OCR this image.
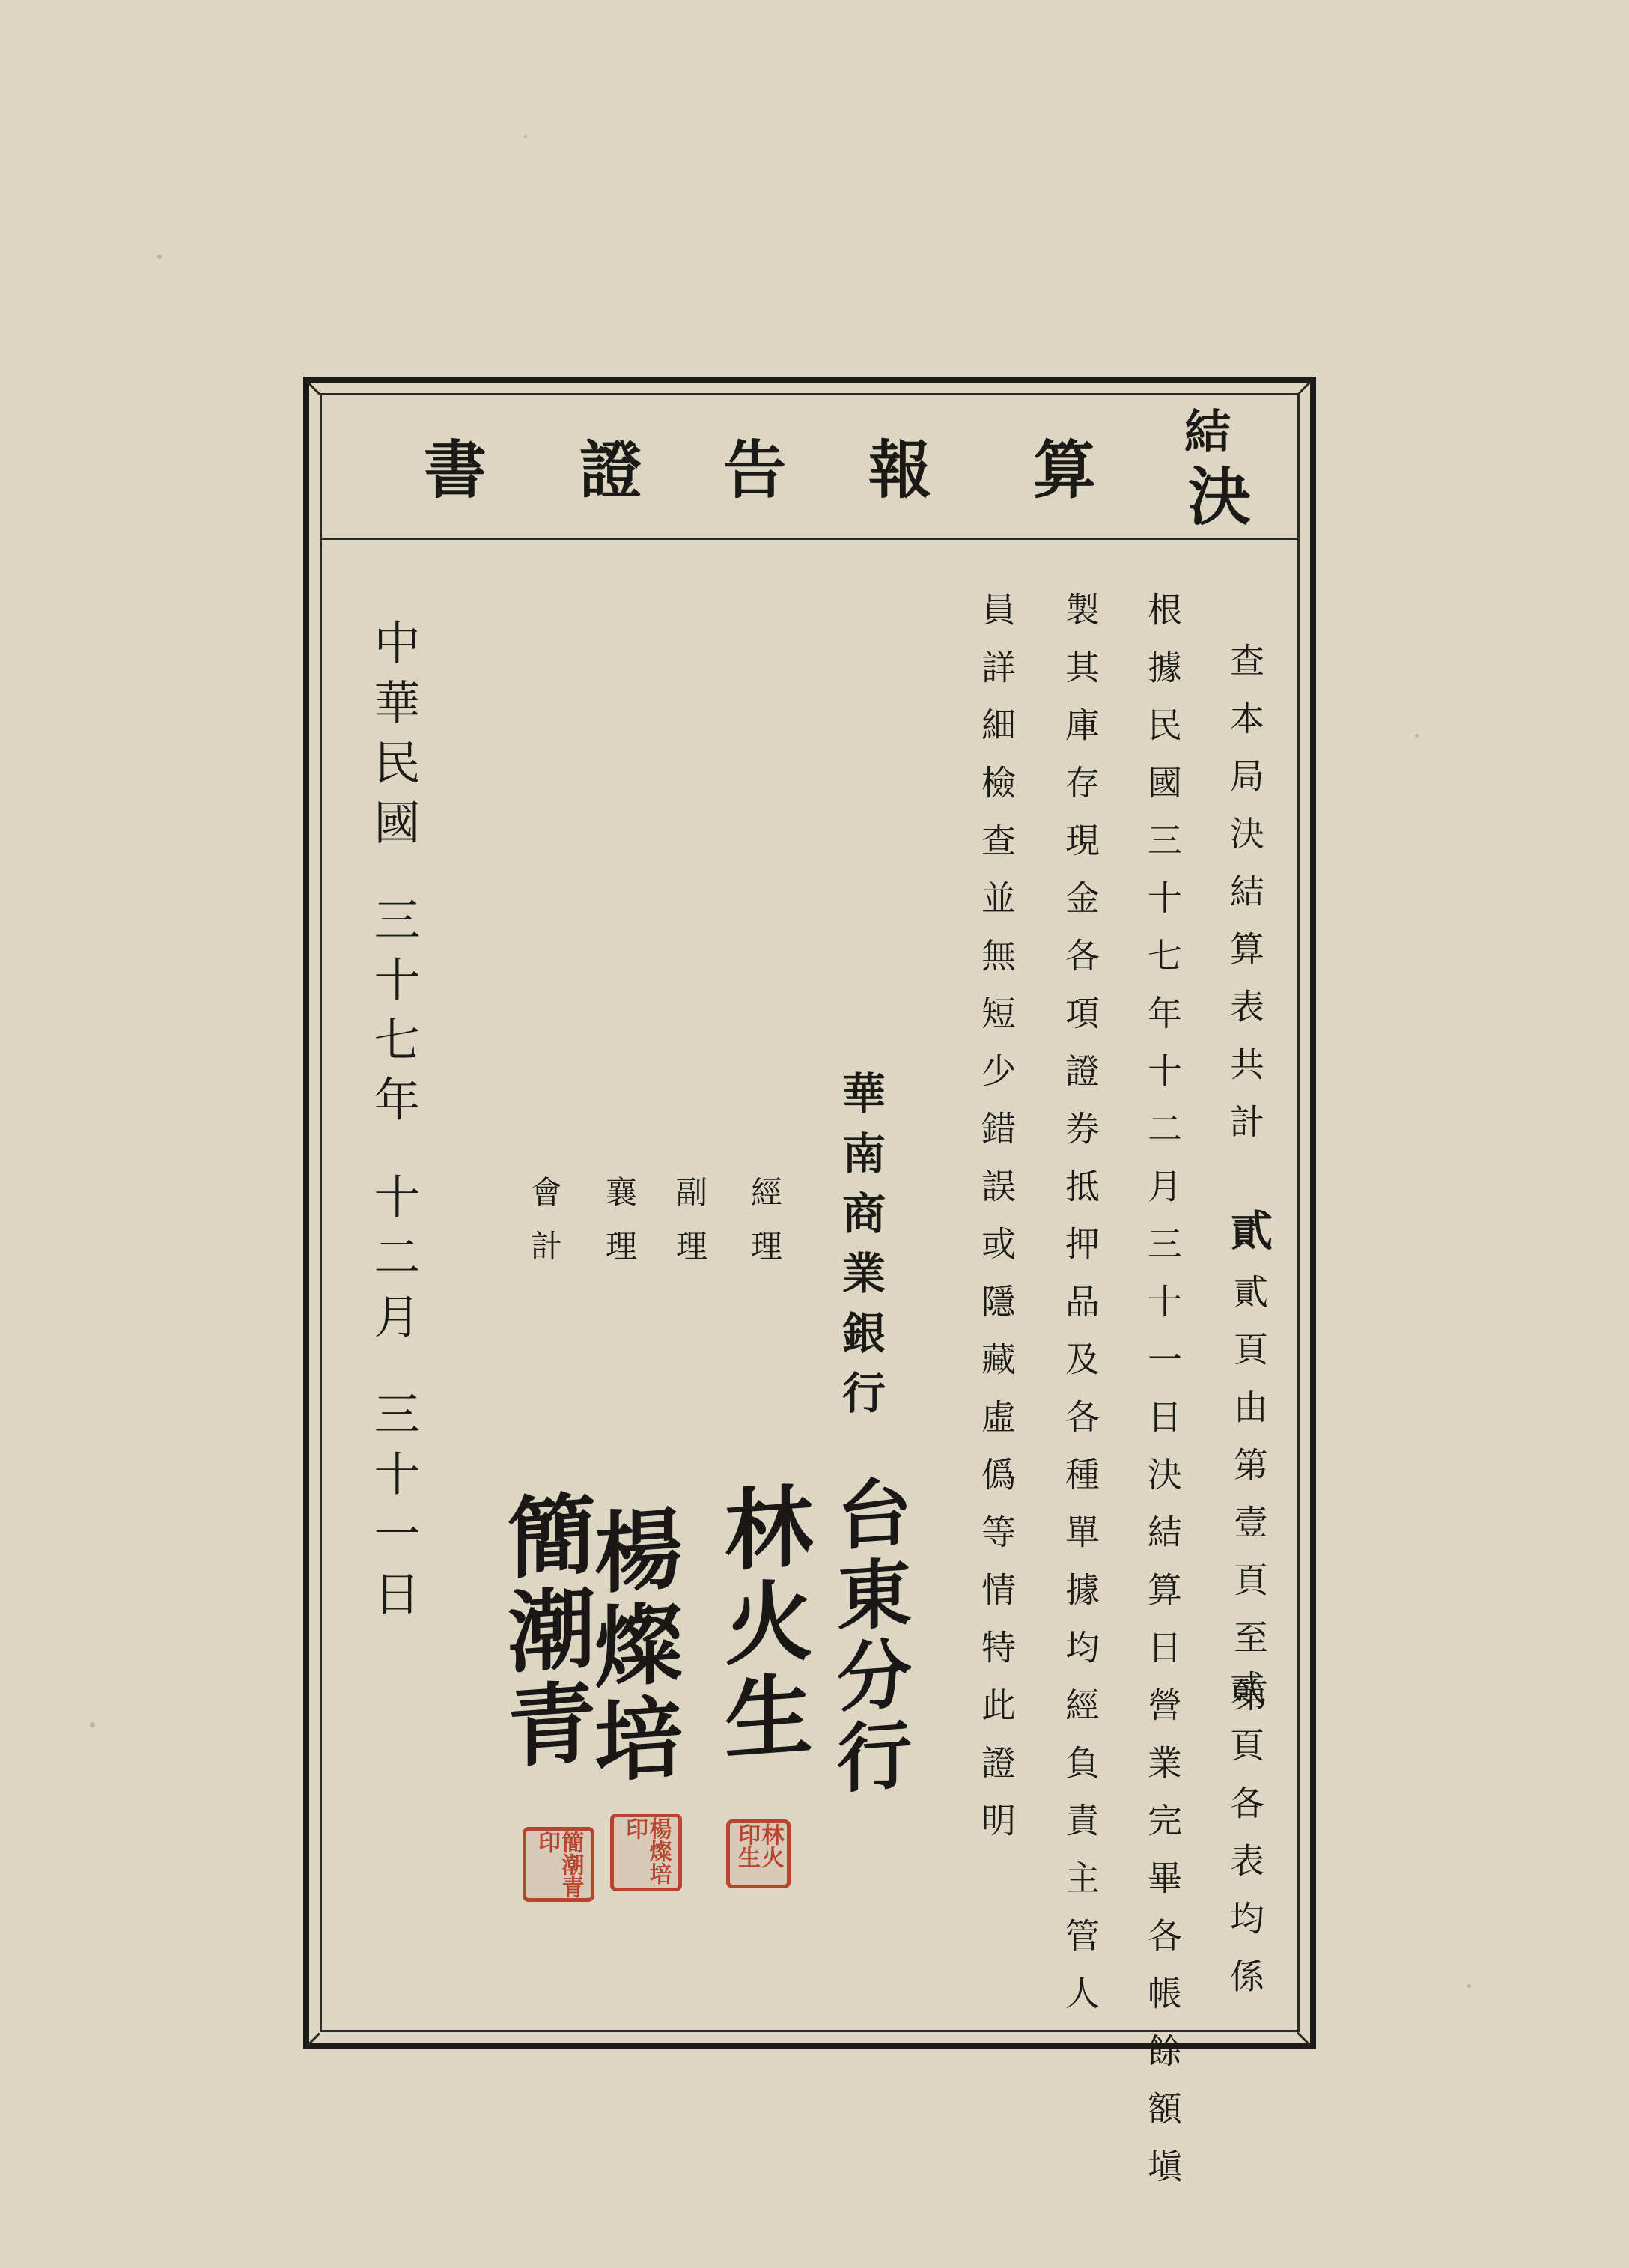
結
決
算
報
告
證
書
查本局決結算表共計
貳貳頁由第壹頁至第
貳頁各表均係
根據民國三十七年十二月三十一日決結算日營業完畢各帳餘額塡
製其庫存現金各項證券抵押品及各種單據均經負責主管人
員詳細檢查並無短少錯誤或隱藏虛僞等情特此證明
華南商業銀行
台東分行
經理
副理
襄理
會計
林火生
楊燦培
簡潮青
林火印生
楊燦培印
簡潮青印
中華民國三十七年十二月三十一日
